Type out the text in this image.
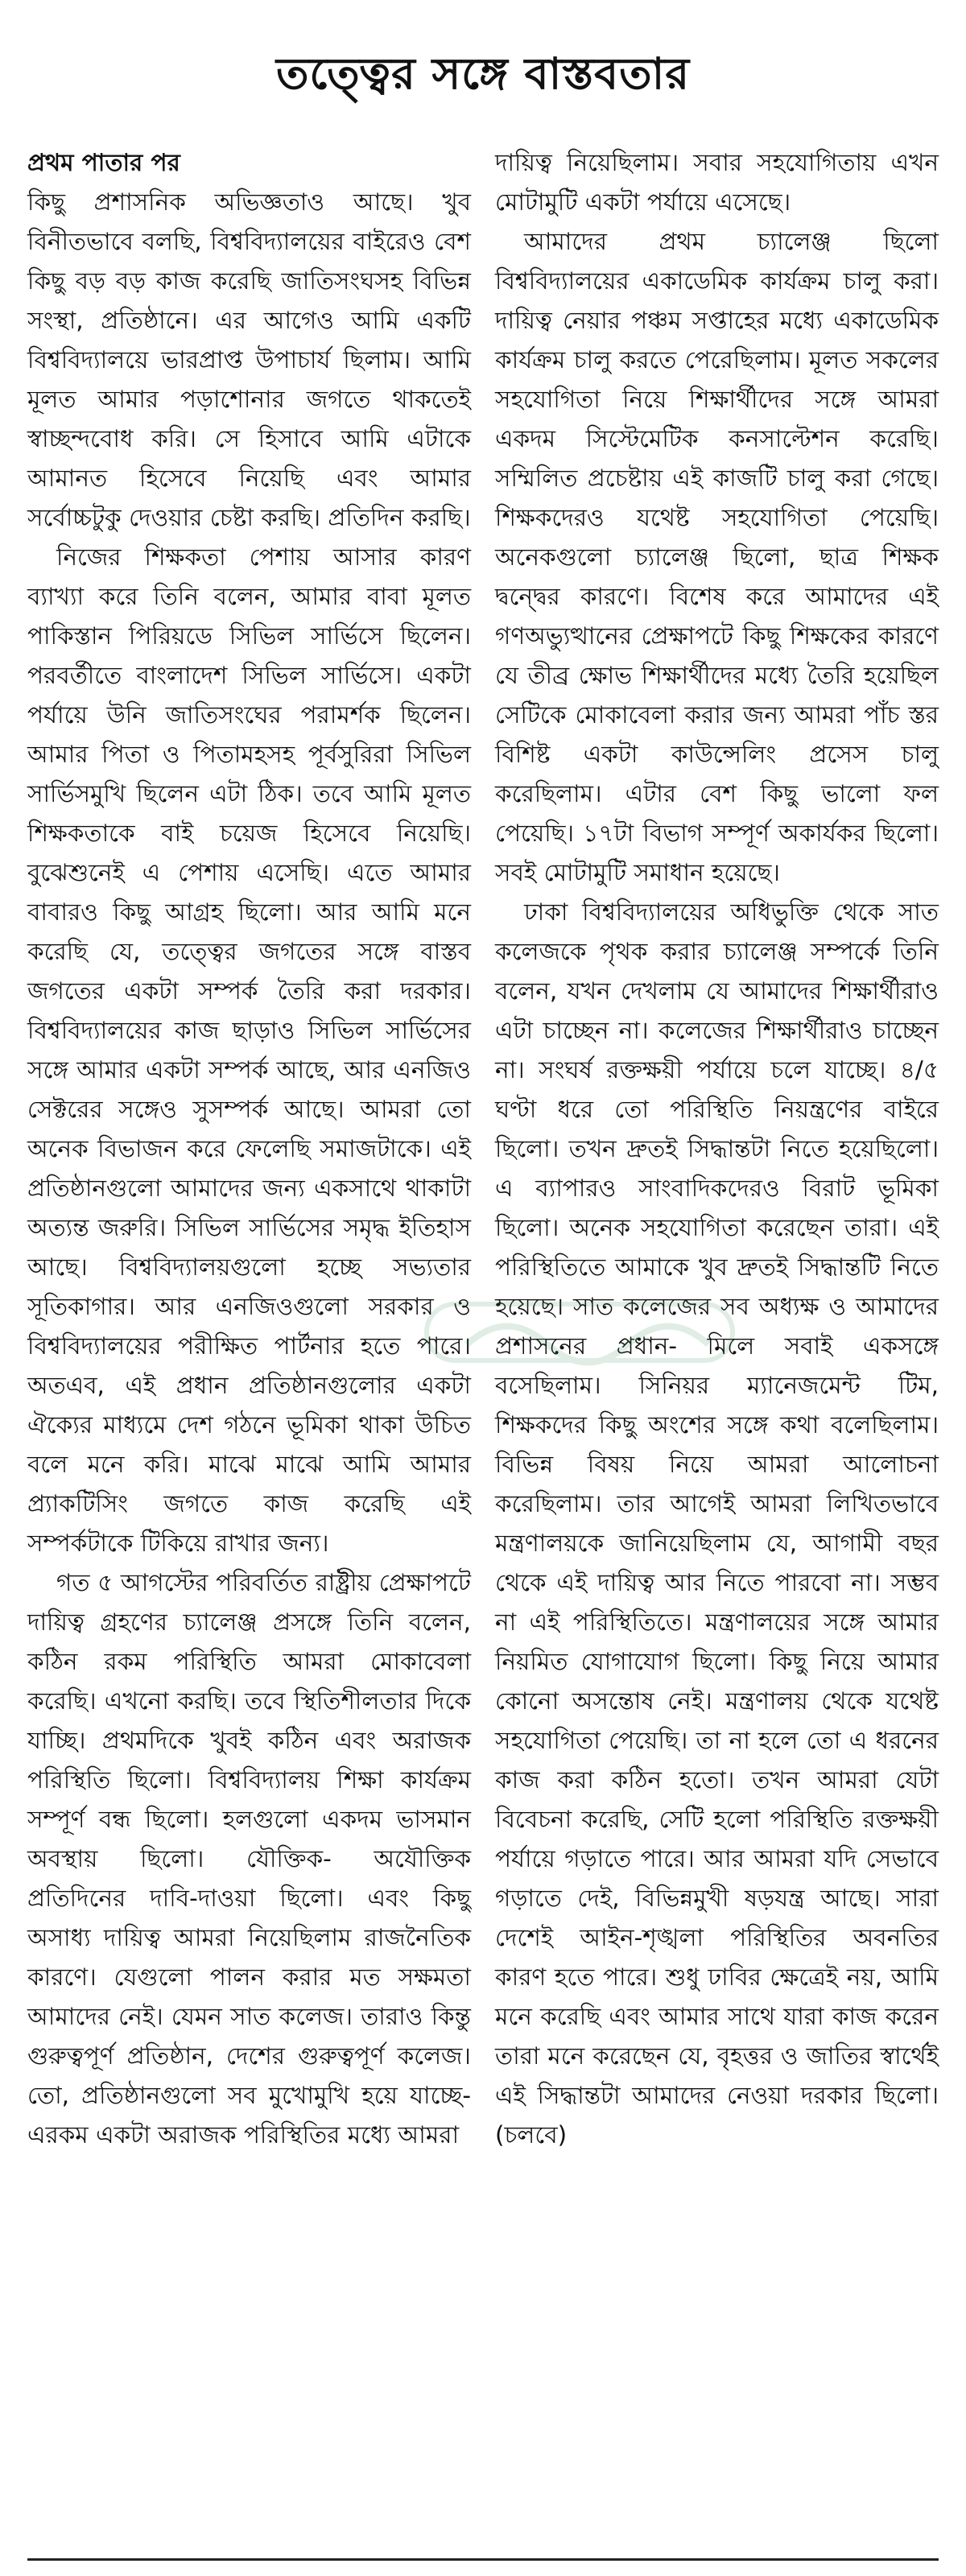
তত্ত্বের সঙ্গে বাস্তবতার

প্রথম পাতার পর

কিছু প্রশাসনিক অভিজ্ঞতাও আছে। খুব বিনীতভাবে বলছি, বিশ্ববিদ্যালয়ের বাইরেও বেশ কিছু বড় বড় কাজ করেছি জাতিসংঘসহ বিভিন্ন সংস্থা, প্রতিষ্ঠানে। এর আগেও আমি একটি বিশ্ববিদ্যালয়ে ভারপ্রাপ্ত উপাচার্য ছিলাম। আমি মূলত আমার পড়াশোনার জগতে থাকতেই স্বাচ্ছন্দবোধ করি। সে হিসাবে আমি এটাকে আমানত হিসেবে নিয়েছি এবং আমার সর্বোচ্চটুকু দেওয়ার চেষ্টা করছি। প্রতিদিন করছি।

নিজের শিক্ষকতা পেশায় আসার কারণ ব্যাখ্যা করে তিনি বলেন, আমার বাবা মূলত পাকিস্তান পিরিয়ডে সিভিল সার্ভিসে ছিলেন। পরবর্তীতে বাংলাদেশ সিভিল সার্ভিসে। একটা পর্যায়ে উনি জাতিসংঘের পরামর্শক ছিলেন। আমার পিতা ও পিতামহসহ পূর্বসুরিরা সিভিল সার্ভিসমুখি ছিলেন এটা ঠিক। তবে আমি মূলত শিক্ষকতাকে বাই চয়েজ হিসেবে নিয়েছি। বুঝেশুনেই এ পেশায় এসেছি। এতে আমার বাবারও কিছু আগ্রহ ছিলো। আর আমি মনে করেছি যে, তত্ত্বের জগতের সঙ্গে বাস্তব জগতের একটা সম্পর্ক তৈরি করা দরকার। বিশ্ববিদ্যালয়ের কাজ ছাড়াও সিভিল সার্ভিসের সঙ্গে আমার একটা সম্পর্ক আছে, আর এনজিও সেক্টরের সঙ্গেও সুসম্পর্ক আছে। আমরা তো অনেক বিভাজন করে ফেলেছি সমাজটাকে। এই প্রতিষ্ঠানগুলো আমাদের জন্য একসাথে থাকাটা অত্যন্ত জরুরি। সিভিল সার্ভিসের সমৃদ্ধ ইতিহাস আছে। বিশ্ববিদ্যালয়গুলো হচ্ছে সভ্যতার সূতিকাগার। আর এনজিওগুলো সরকার ও বিশ্ববিদ্যালয়ের পরীক্ষিত পার্টনার হতে পারে। অতএব, এই প্রধান প্রতিষ্ঠানগুলোর একটা ঐক্যের মাধ্যমে দেশ গঠনে ভূমিকা থাকা উচিত বলে মনে করি। মাঝে মাঝে আমি আমার প্র্যাকটিসিং জগতে কাজ করেছি এই সম্পর্কটাকে টিকিয়ে রাখার জন্য।

গত ৫ আগস্টের পরিবর্তিত রাষ্ট্রীয় প্রেক্ষাপটে দায়িত্ব গ্রহণের চ্যালেঞ্জ প্রসঙ্গে তিনি বলেন, কঠিন রকম পরিস্থিতি আমরা মোকাবেলা করেছি। এখনো করছি। তবে স্থিতিশীলতার দিকে যাচ্ছি। প্রথমদিকে খুবই কঠিন এবং অরাজক পরিস্থিতি ছিলো। বিশ্ববিদ্যালয় শিক্ষা কার্যক্রম সম্পূর্ণ বন্ধ ছিলো। হলগুলো একদম ভাসমান অবস্থায় ছিলো। যৌক্তিক- অযৌক্তিক প্রতিদিনের দাবি-দাওয়া ছিলো। এবং কিছু অসাধ্য দায়িত্ব আমরা নিয়েছিলাম রাজনৈতিক কারণে। যেগুলো পালন করার মত সক্ষমতা আমাদের নেই। যেমন সাত কলেজ। তারাও কিন্তু গুরুত্বপূর্ণ প্রতিষ্ঠান, দেশের গুরুত্বপূর্ণ কলেজ। তো, প্রতিষ্ঠানগুলো সব মুখোমুখি হয়ে যাচ্ছে- এরকম একটা অরাজক পরিস্থিতির মধ্যে আমরা

দায়িত্ব নিয়েছিলাম। সবার সহযোগিতায় এখন মোটামুটি একটা পর্যায়ে এসেছে।

আমাদের প্রথম চ্যালেঞ্জ ছিলো বিশ্ববিদ্যালয়ের একাডেমিক কার্যক্রম চালু করা। দায়িত্ব নেয়ার পঞ্চম সপ্তাহের মধ্যে একাডেমিক কার্যক্রম চালু করতে পেরেছিলাম। মূলত সকলের সহযোগিতা নিয়ে শিক্ষার্থীদের সঙ্গে আমরা একদম সিস্টেমেটিক কনসাল্টেশন করেছি। সম্মিলিত প্রচেষ্টায় এই কাজটি চালু করা গেছে। শিক্ষকদেরও যথেষ্ট সহযোগিতা পেয়েছি। অনেকগুলো চ্যালেঞ্জ ছিলো, ছাত্র শিক্ষক দ্বন্দ্বের কারণে। বিশেষ করে আমাদের এই গণঅভ্যুত্থানের প্রেক্ষাপটে কিছু শিক্ষকের কারণে যে তীব্র ক্ষোভ শিক্ষার্থীদের মধ্যে তৈরি হয়েছিল সেটিকে মোকাবেলা করার জন্য আমরা পাঁচ স্তর বিশিষ্ট একটা কাউন্সেলিং প্রসেস চালু করেছিলাম। এটার বেশ কিছু ভালো ফল পেয়েছি। ১৭টা বিভাগ সম্পূর্ণ অকার্যকর ছিলো। সবই মোটামুটি সমাধান হয়েছে।

ঢাকা বিশ্ববিদ্যালয়ের অধিভুক্তি থেকে সাত কলেজকে পৃথক করার চ্যালেঞ্জ সম্পর্কে তিনি বলেন, যখন দেখলাম যে আমাদের শিক্ষার্থীরাও এটা চাচ্ছেন না। কলেজের শিক্ষার্থীরাও চাচ্ছেন না। সংঘর্ষ রক্তক্ষয়ী পর্যায়ে চলে যাচ্ছে। ৪/৫ ঘণ্টা ধরে তো পরিস্থিতি নিয়ন্ত্রণের বাইরে ছিলো। তখন দ্রুতই সিদ্ধান্তটা নিতে হয়েছিলো। এ ব্যাপারও সাংবাদিকদেরও বিরাট ভূমিকা ছিলো। অনেক সহযোগিতা করেছেন তারা। এই পরিস্থিতিতে আমাকে খুব দ্রুতই সিদ্ধান্তটি নিতে হয়েছে। সাত কলেজের সব অধ্যক্ষ ও আমাদের প্রশাসনের প্রধান- মিলে সবাই একসঙ্গে বসেছিলাম। সিনিয়র ম্যানেজমেন্ট টিম, শিক্ষকদের কিছু অংশের সঙ্গে কথা বলেছিলাম। বিভিন্ন বিষয় নিয়ে আমরা আলোচনা করেছিলাম। তার আগেই আমরা লিখিতভাবে মন্ত্রণালয়কে জানিয়েছিলাম যে, আগামী বছর থেকে এই দায়িত্ব আর নিতে পারবো না। সম্ভব না এই পরিস্থিতিতে। মন্ত্রণালয়ের সঙ্গে আমার নিয়মিত যোগাযোগ ছিলো। কিছু নিয়ে আমার কোনো অসন্তোষ নেই। মন্ত্রণালয় থেকে যথেষ্ট সহযোগিতা পেয়েছি। তা না হলে তো এ ধরনের কাজ করা কঠিন হতো। তখন আমরা যেটা বিবেচনা করেছি, সেটি হলো পরিস্থিতি রক্তক্ষয়ী পর্যায়ে গড়াতে পারে। আর আমরা যদি সেভাবে গড়াতে দেই, বিভিন্নমুখী ষড়যন্ত্র আছে। সারা দেশেই আইন-শৃঙ্খলা পরিস্থিতির অবনতির কারণ হতে পারে। শুধু ঢাবির ক্ষেত্রেই নয়, আমি মনে করেছি এবং আমার সাথে যারা কাজ করেন তারা মনে করেছেন যে, বৃহত্তর ও জাতির স্বার্থেই এই সিদ্ধান্তটা আমাদের নেওয়া দরকার ছিলো। (চলবে)
